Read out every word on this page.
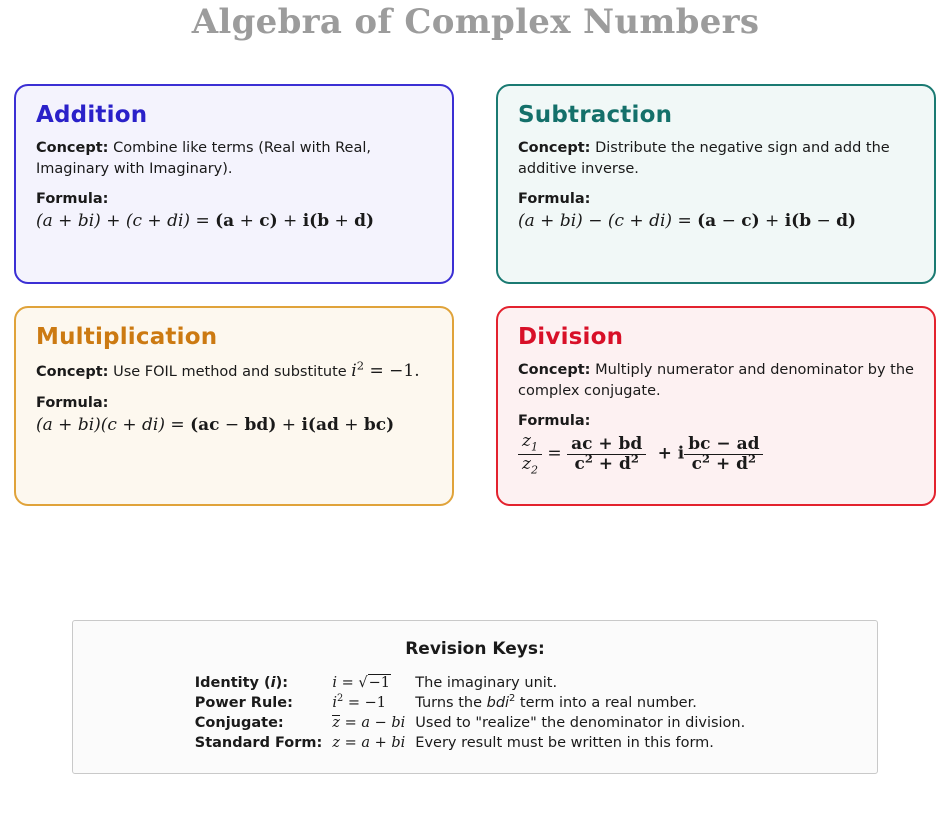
Algebra of Complex Numbers
Addition

Concept: Combine like terms (Real with Real, Imaginary with Imaginary).

Formula:
(a + bi) + (c + di) = (a + c) + i(b + d)
Subtraction

Concept: Distribute the negative sign and add the additive inverse.

Formula:
(a + bi) − (c + di) = (a − c) + i(b − d)
Multiplication

Concept: Use FOIL method and substitute $i^2 = -1$.

Formula:
(a + bi)(c + di) = (ac − bd) + i(ad + bc)
Division

Concept: Multiply numerator and denominator by the complex conjugate.

Formula:
$\frac{z_1}{z_2} = \frac{ac + bd}{c^2 + d^2} + i \frac{bc - ad}{c^2 + d^2}$
Revision Keys:
Identity (i):	i = √−1	The imaginary unit.
Power Rule:	$i^2 = -1$	Turns the bdi$^2$ term into a real number.
Conjugate:	z = a − bi	Used to "realize" the denominator in division.
Standard Form:	z = a + bi	Every result must be written in this form.
